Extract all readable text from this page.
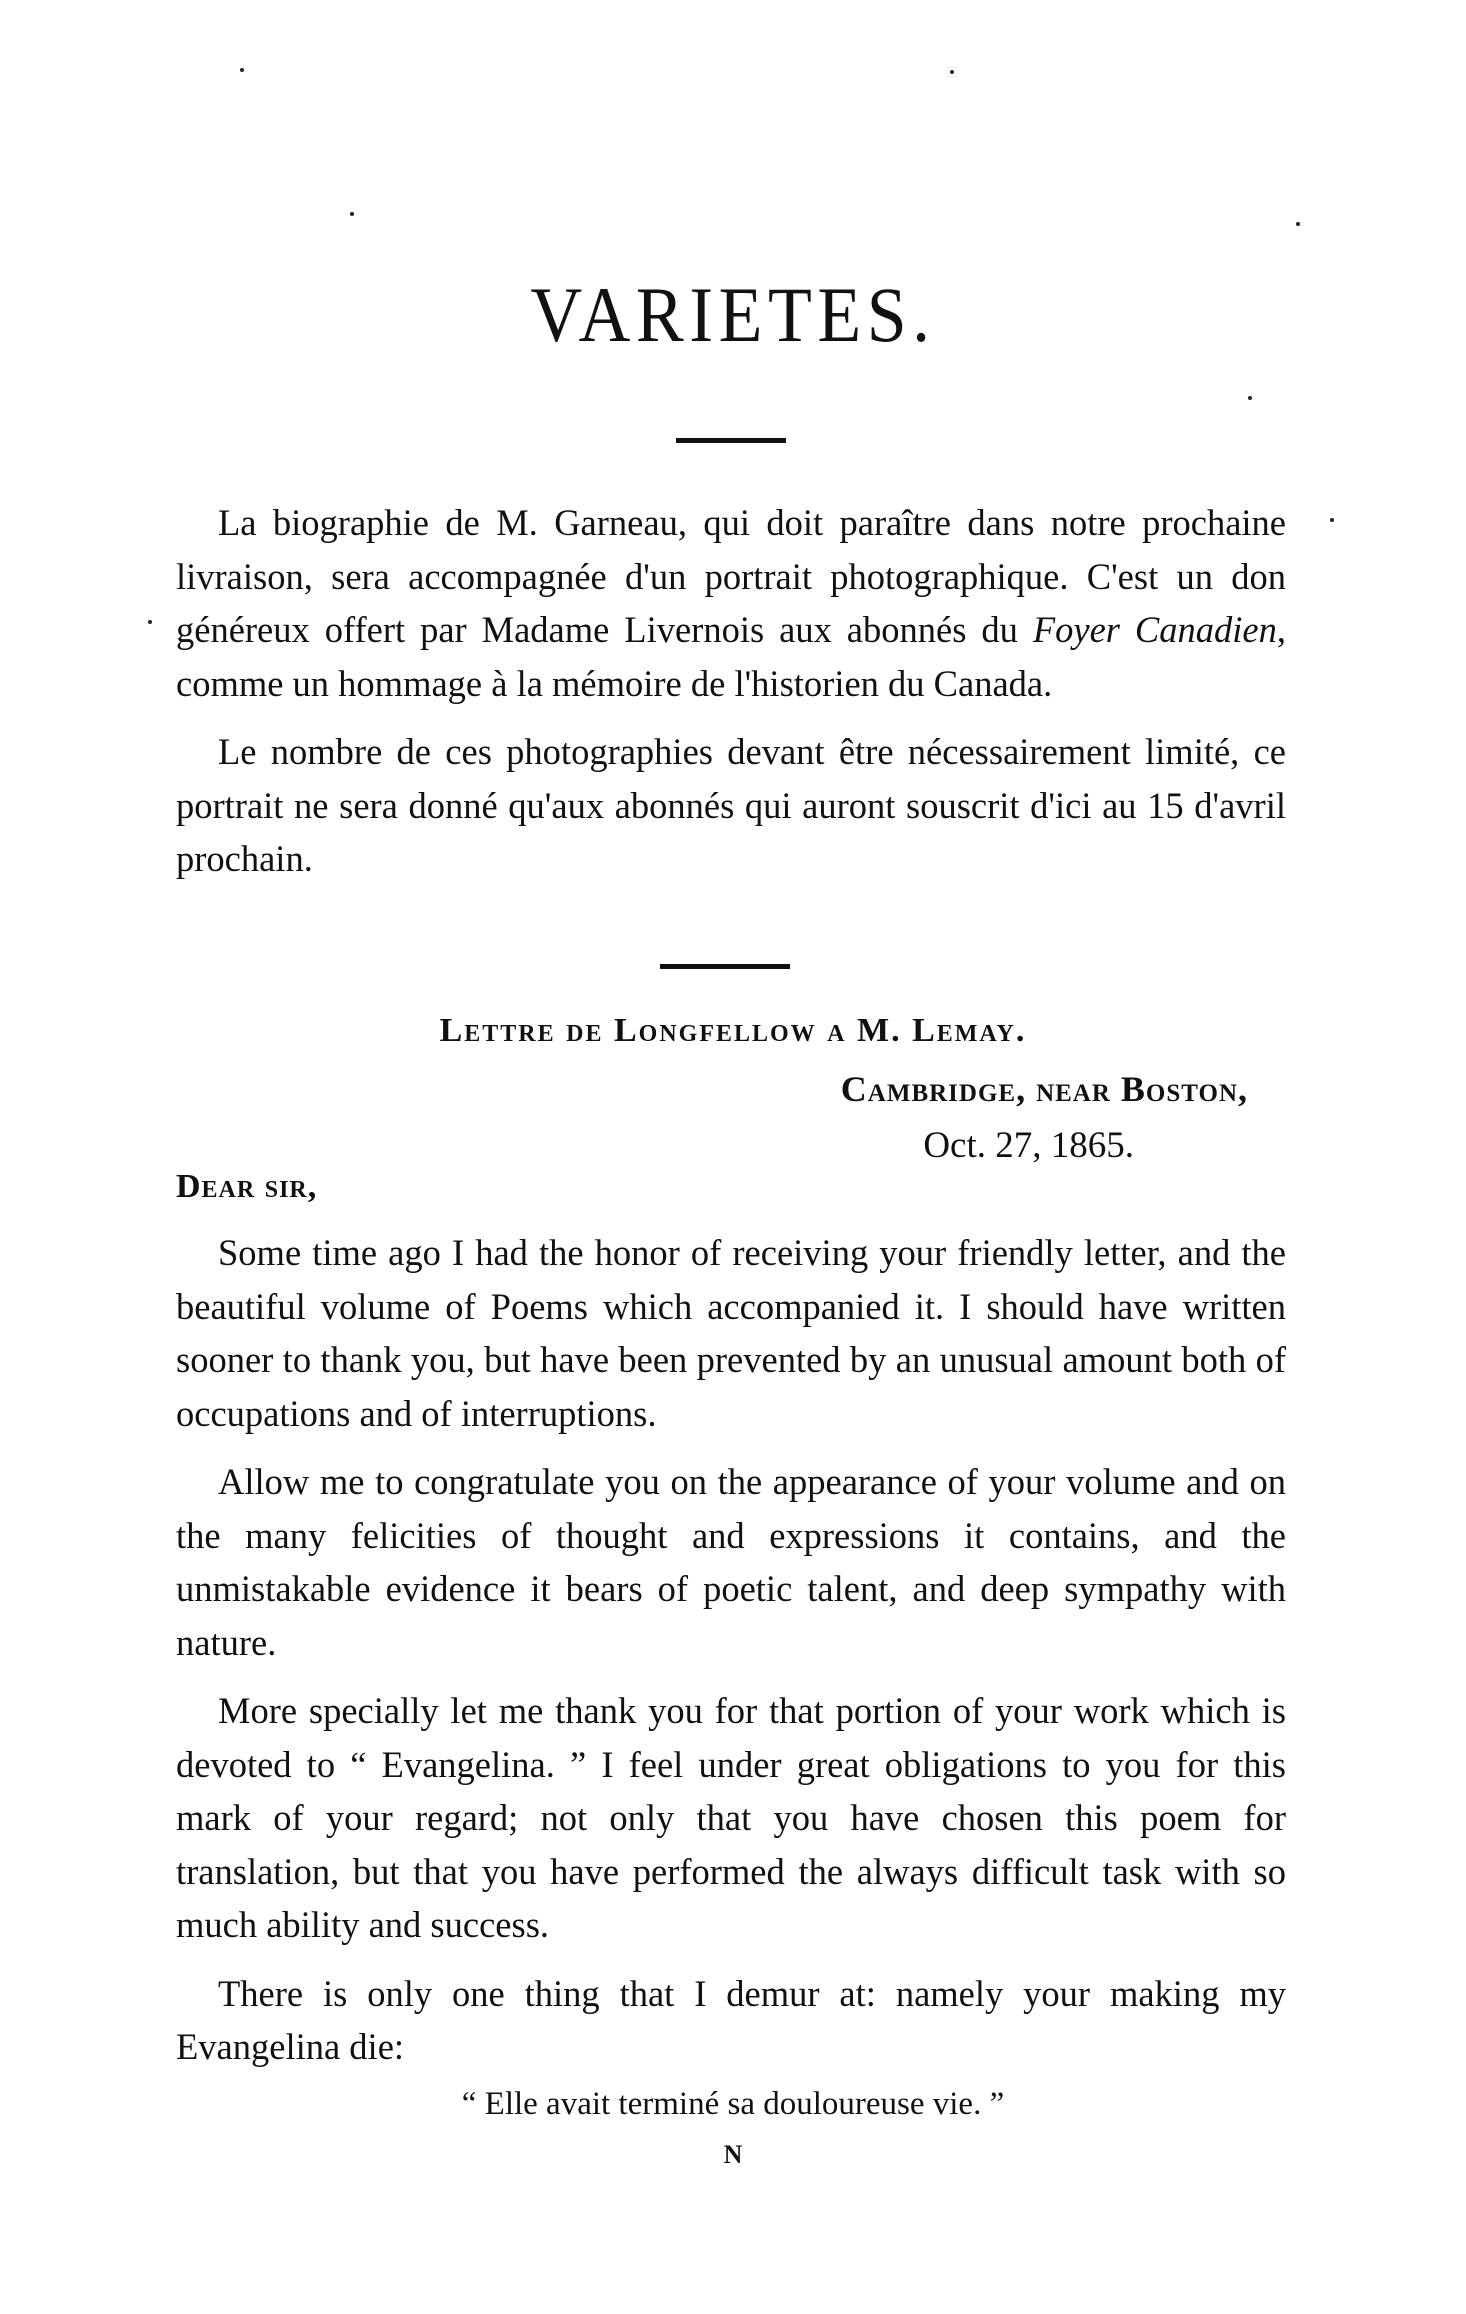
VARIETES.

La biographie de M. Garneau, qui doit paraître dans notre prochaine livraison, sera accompagnée d'un portrait photographique. C'est un don généreux offert par Madame Livernois aux abonnés du Foyer Canadien, comme un hommage à la mémoire de l'historien du Canada.

Le nombre de ces photographies devant être nécessairement limité, ce portrait ne sera donné qu'aux abonnés qui auront souscrit d'ici au 15 d'avril prochain.

Lettre de Longfellow a M. Lemay.

Cambridge, near Boston,

Oct. 27, 1865.

Dear sir,

Some time ago I had the honor of receiving your friendly letter, and the beautiful volume of Poems which accompanied it. I should have written sooner to thank you, but have been prevented by an unusual amount both of occupations and of interruptions.

Allow me to congratulate you on the appearance of your volume and on the many felicities of thought and expressions it contains, and the unmistakable evidence it bears of poetic talent, and deep sympathy with nature.

More specially let me thank you for that portion of your work which is devoted to “ Evangelina. ” I feel under great obligations to you for this mark of your regard; not only that you have chosen this poem for translation, but that you have performed the always difficult task with so much ability and success.

There is only one thing that I demur at: namely your making my Evangelina die:

“ Elle avait terminé sa douloureuse vie. ”

N
